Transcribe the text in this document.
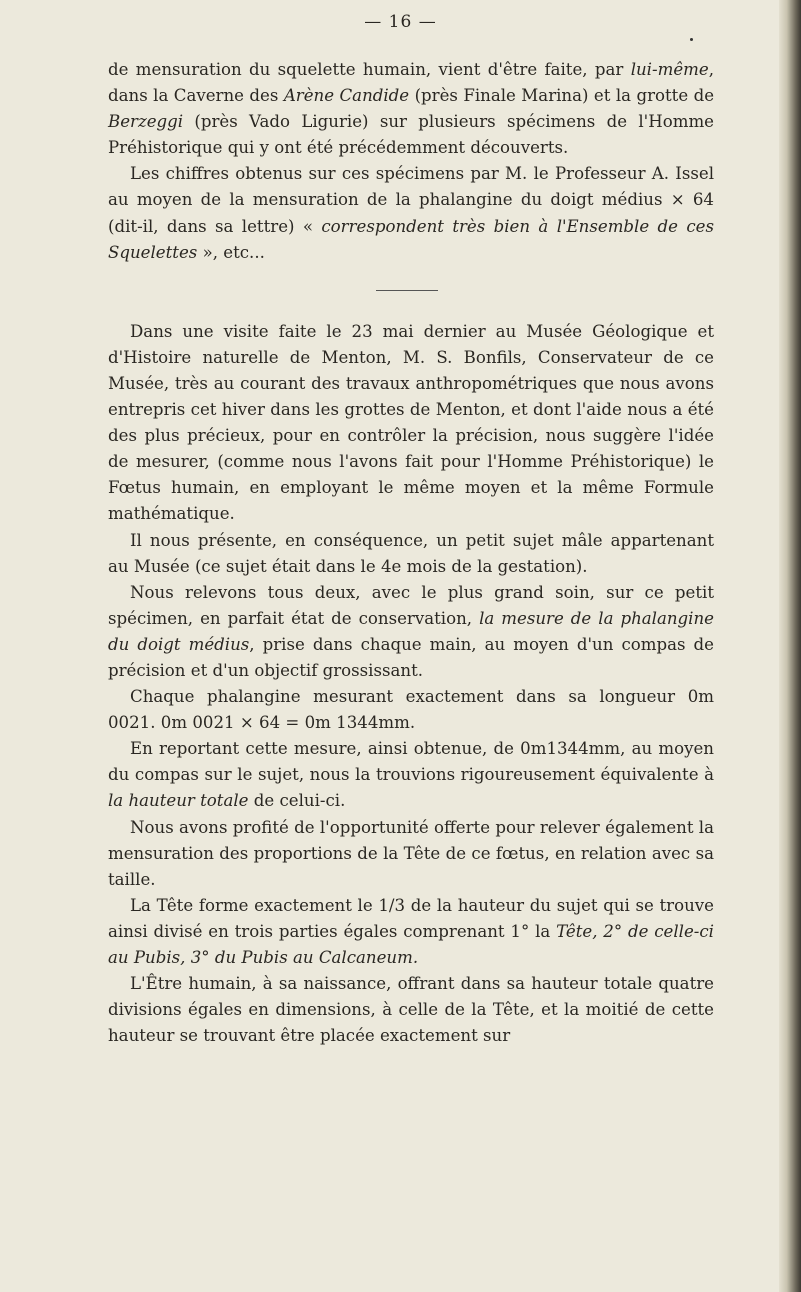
— 16 —

de mensuration du squelette humain, vient d'être faite, par lui-même, dans la Caverne des Arène Candide (près Finale Marina) et la grotte de Berzeggi (près Vado Ligurie) sur plusieurs spécimens de l'Homme Préhistorique qui y ont été précédemment découverts.

Les chiffres obtenus sur ces spécimens par M. le Professeur A. Issel au moyen de la mensuration de la phalangine du doigt médius × 64 (dit-il, dans sa lettre) « correspondent très bien à l'Ensemble de ces Squelettes », etc...

Dans une visite faite le 23 mai dernier au Musée Géologique et d'Histoire naturelle de Menton, M. S. Bonfils, Conservateur de ce Musée, très au courant des travaux anthropométriques que nous avons entrepris cet hiver dans les grottes de Menton, et dont l'aide nous a été des plus précieux, pour en contrôler la précision, nous suggère l'idée de mesurer, (comme nous l'avons fait pour l'Homme Préhistorique) le Fœtus humain, en employant le même moyen et la même Formule mathématique.

Il nous présente, en conséquence, un petit sujet mâle appartenant au Musée (ce sujet était dans le 4e mois de la gestation).

Nous relevons tous deux, avec le plus grand soin, sur ce petit spécimen, en parfait état de conservation, la mesure de la phalangine du doigt médius, prise dans chaque main, au moyen d'un compas de précision et d'un objectif grossissant.

Chaque phalangine mesurant exactement dans sa longueur 0m 0021. 0m 0021 × 64 = 0m 1344mm.

En reportant cette mesure, ainsi obtenue, de 0m1344mm, au moyen du compas sur le sujet, nous la trouvions rigoureusement équivalente à la hauteur totale de celui-ci.

Nous avons profité de l'opportunité offerte pour relever également la mensuration des proportions de la Tête de ce fœtus, en relation avec sa taille.

La Tête forme exactement le 1/3 de la hauteur du sujet qui se trouve ainsi divisé en trois parties égales comprenant 1° la Tête, 2° de celle-ci au Pubis, 3° du Pubis au Calcaneum.

L'Être humain, à sa naissance, offrant dans sa hauteur totale quatre divisions égales en dimensions, à celle de la Tête, et la moitié de cette hauteur se trouvant être placée exactement sur
